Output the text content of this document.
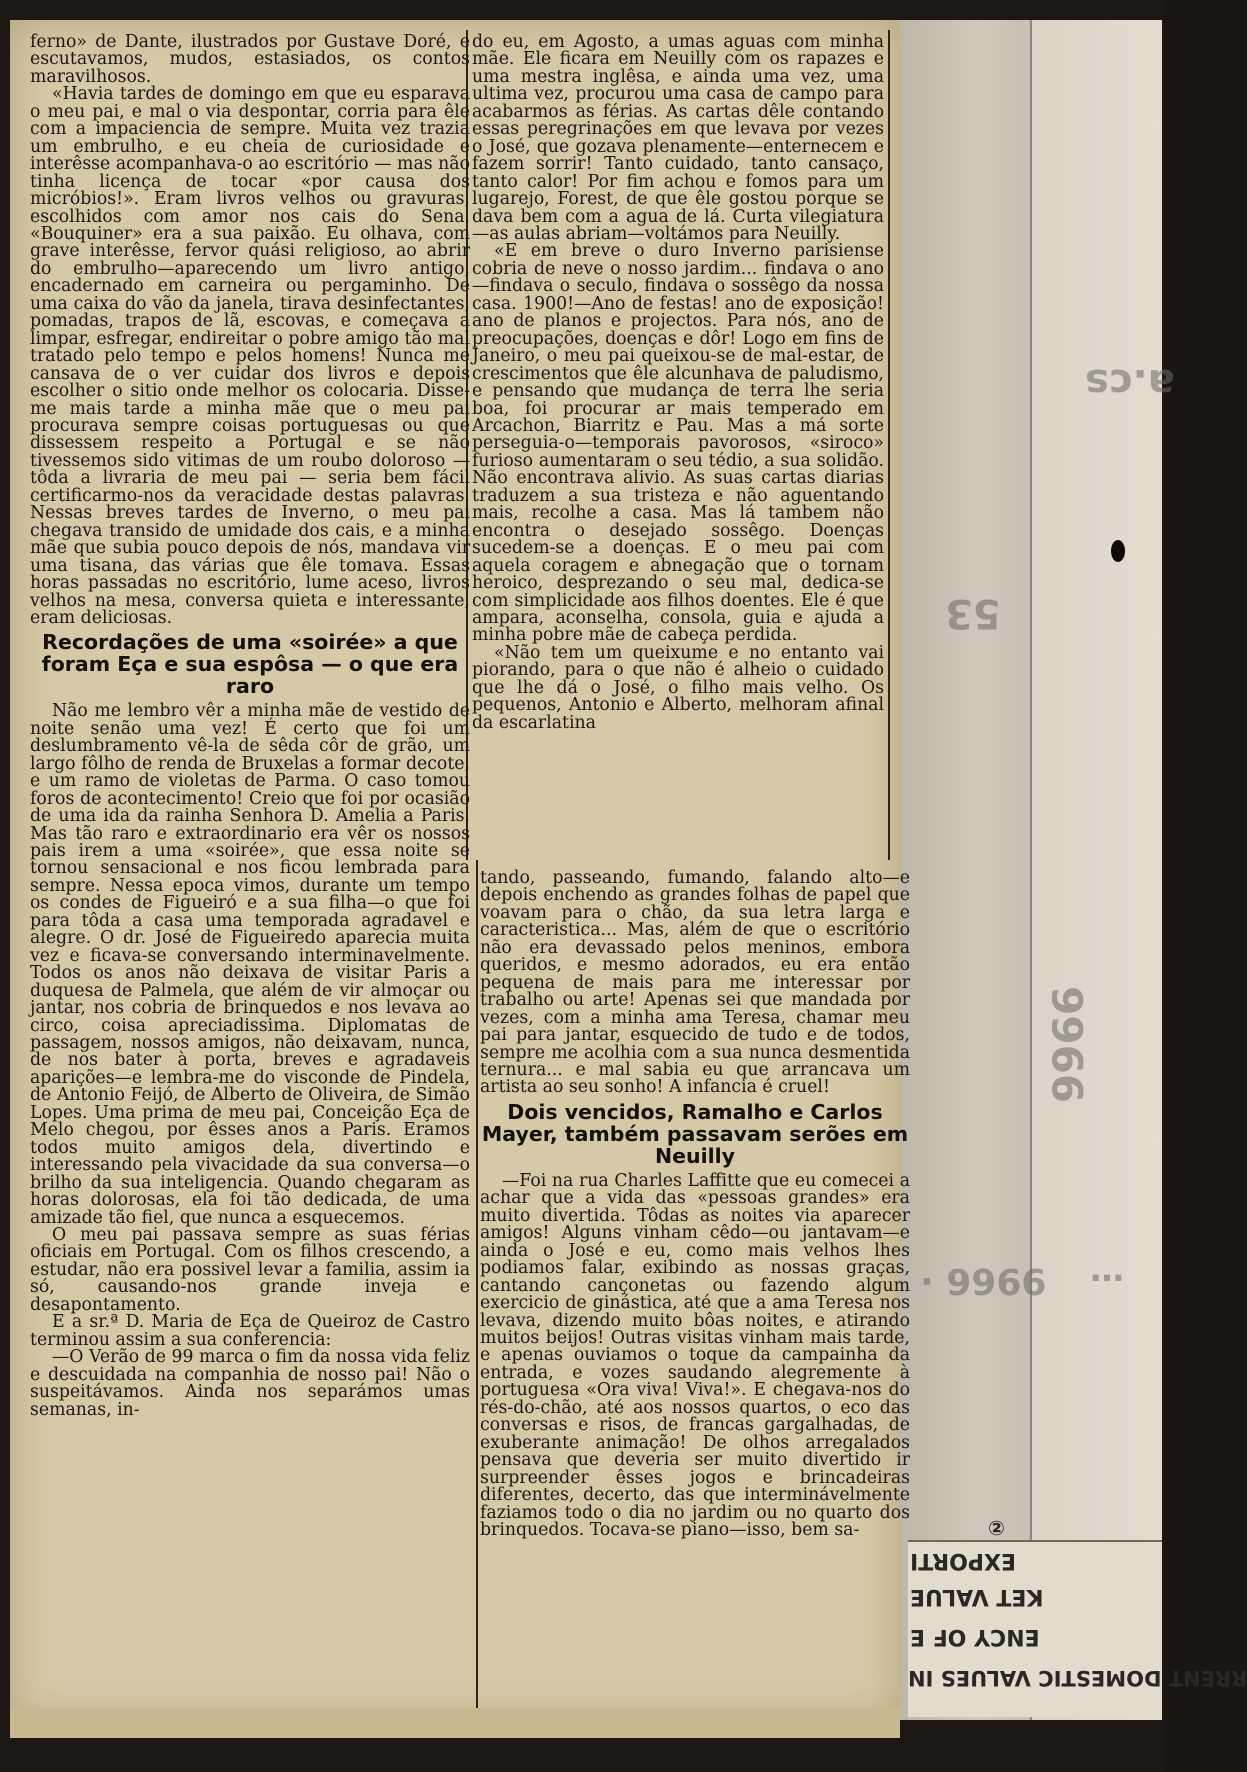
a.cs
9966
…
53
9966 ·
EXPORTI
KET VALUE
ENCY OF E
RRENT DOMESTIC VALUES IN
②

ferno» de Dante, ilustrados por Gustave Doré, e escutavamos, mudos, estasiados, os contos maravilhosos.

«Havia tardes de domingo em que eu esparava o meu pai, e mal o via despontar, corria para êle com a impaciencia de sempre. Muita vez trazia um embrulho, e eu cheia de curiosidade e interêsse acompanhava-o ao escritório — mas não tinha licença de tocar «por causa dos micróbios!». Eram livros velhos ou gravuras, escolhidos com amor nos cais do Sena. «Bouquiner» era a sua paixão. Eu olhava, com grave interêsse, fervor quási religioso, ao abrir do embrulho—aparecendo um livro antigo, encadernado em carneira ou pergaminho. De uma caixa do vão da janela, tirava desinfectantes, pomadas, trapos de lã, escovas, e começava a limpar, esfregar, endireitar o pobre amigo tão mal tratado pelo tempo e pelos homens! Nunca me cansava de o ver cuidar dos livros e depois escolher o sitio onde melhor os colocaria. Disse-me mais tarde a minha mãe que o meu pai procurava sempre coisas portuguesas ou que dissessem respeito a Portugal e se não tivessemos sido vitimas de um roubo doloroso — tôda a livraria de meu pai — seria bem fácil certificarmo-nos da veracidade destas palavras. Nessas breves tardes de Inverno, o meu pai chegava transido de umidade dos cais, e a minha mãe que subia pouco depois de nós, mandava vir uma tisana, das várias que êle tomava. Essas horas passadas no escritório, lume aceso, livros velhos na mesa, conversa quieta e interessante, eram deliciosas.

Recordações de uma «soirée» a que foram Eça e sua espôsa — o que era raro

Não me lembro vêr a minha mãe de vestido de noite senão uma vez! É certo que foi um deslumbramento vê-la de sêda côr de grão, um largo fôlho de renda de Bruxelas a formar decote, e um ramo de violetas de Parma. O caso tomou foros de acontecimento! Creio que foi por ocasião de uma ida da rainha Senhora D. Amelia a Paris. Mas tão raro e extraordinario era vêr os nossos pais irem a uma «soirée», que essa noite se tornou sensacional e nos ficou lembrada para sempre. Nessa epoca vimos, durante um tempo os condes de Figueiró e a sua filha—o que foi para tôda a casa uma temporada agradavel e alegre. O dr. José de Figueiredo aparecia muita vez e ficava-se conversando interminavelmente. Todos os anos não deixava de visitar Paris a duquesa de Palmela, que além de vir almoçar ou jantar, nos cobria de brinquedos e nos levava ao circo, coisa apreciadissima. Diplomatas de passagem, nossos amigos, não deixavam, nunca, de nos bater à porta, breves e agradaveis aparições—e lembra-me do visconde de Pindela, de Antonio Feijó, de Alberto de Oliveira, de Simão Lopes. Uma prima de meu pai, Conceição Eça de Melo chegou, por êsses anos a Paris. Eramos todos muito amigos dela, divertindo e interessando pela vivacidade da sua conversa—o brilho da sua inteligencia. Quando chegaram as horas dolorosas, ela foi tão dedicada, de uma amizade tão fiel, que nunca a esquecemos.

O meu pai passava sempre as suas férias oficiais em Portugal. Com os filhos crescendo, a estudar, não era possivel levar a familia, assim ia só, causando-nos grande inveja e desapontamento.

E a sr.ª D. Maria de Eça de Queiroz de Castro terminou assim a sua conferencia:

—O Verão de 99 marca o fim da nossa vida feliz e descuidada na companhia de nosso pai! Não o suspeitávamos. Ainda nos separámos umas semanas, in-

do eu, em Agosto, a umas aguas com minha mãe. Ele ficara em Neuilly com os rapazes e uma mestra inglêsa, e ainda uma vez, uma ultima vez, procurou uma casa de campo para acabarmos as férias. As cartas dêle contando essas peregrinações em que levava por vezes o José, que gozava plenamente—enternecem e fazem sorrir! Tanto cuidado, tanto cansaço, tanto calor! Por fim achou e fomos para um lugarejo, Forest, de que êle gostou porque se dava bem com a agua de lá. Curta vilegiatura—as aulas abriam—voltámos para Neuilly.

«E em breve o duro Inverno parisiense cobria de neve o nosso jardim... findava o ano—findava o seculo, findava o sossêgo da nossa casa. 1900!—Ano de festas! ano de exposição! ano de planos e projectos. Para nós, ano de preocupações, doenças e dôr! Logo em fins de Janeiro, o meu pai queixou-se de mal-estar, de crescimentos que êle alcunhava de paludismo, e pensando que mudança de terra lhe seria boa, foi procurar ar mais temperado em Arcachon, Biarritz e Pau. Mas a má sorte perseguia-o—temporais pavorosos, «siroco» furioso aumentaram o seu tédio, a sua solidão. Não encontrava alivio. As suas cartas diarias traduzem a sua tristeza e não aguentando mais, recolhe a casa. Mas lá tambem não encontra o desejado sossêgo. Doenças sucedem-se a doenças. E o meu pai com aquela coragem e abnegação que o tornam heroico, desprezando o seu mal, dedica-se com simplicidade aos filhos doentes. Ele é que ampara, aconselha, consola, guia e ajuda a minha pobre mãe de cabeça perdida.

«Não tem um queixume e no entanto vai piorando, para o que não é alheio o cuidado que lhe dá o José, o filho mais velho. Os pequenos, Antonio e Alberto, melhoram afinal da escarlatina

tando, passeando, fumando, falando alto—e depois enchendo as grandes folhas de papel que voavam para o chão, da sua letra larga e caracteristica... Mas, além de que o escritório não era devassado pelos meninos, embora queridos, e mesmo adorados, eu era então pequena de mais para me interessar por trabalho ou arte! Apenas sei que mandada por vezes, com a minha ama Teresa, chamar meu pai para jantar, esquecido de tudo e de todos, sempre me acolhia com a sua nunca desmentida ternura... e mal sabia eu que arrancava um artista ao seu sonho! A infancia é cruel!

Dois vencidos, Ramalho e Carlos Mayer, também passavam serões em Neuilly

—Foi na rua Charles Laffitte que eu comecei a achar que a vida das «pessoas grandes» era muito divertida. Tôdas as noites via aparecer amigos! Alguns vinham cêdo—ou jantavam—e ainda o José e eu, como mais velhos lhes podiamos falar, exibindo as nossas graças, cantando cançonetas ou fazendo algum exercicio de ginástica, até que a ama Teresa nos levava, dizendo muito bôas noites, e atirando muitos beijos! Outras visitas vinham mais tarde, e apenas ouviamos o toque da campainha da entrada, e vozes saudando alegremente à portuguesa «Ora viva! Viva!». E chegava-nos do rés-do-chão, até aos nossos quartos, o eco das conversas e risos, de francas gargalhadas, de exuberante animação! De olhos arregalados pensava que deveria ser muito divertido ir surpreender êsses jogos e brincadeiras diferentes, decerto, das que interminávelmente faziamos todo o dia no jardim ou no quarto dos brinquedos. Tocava-se piano—isso, bem sa-
